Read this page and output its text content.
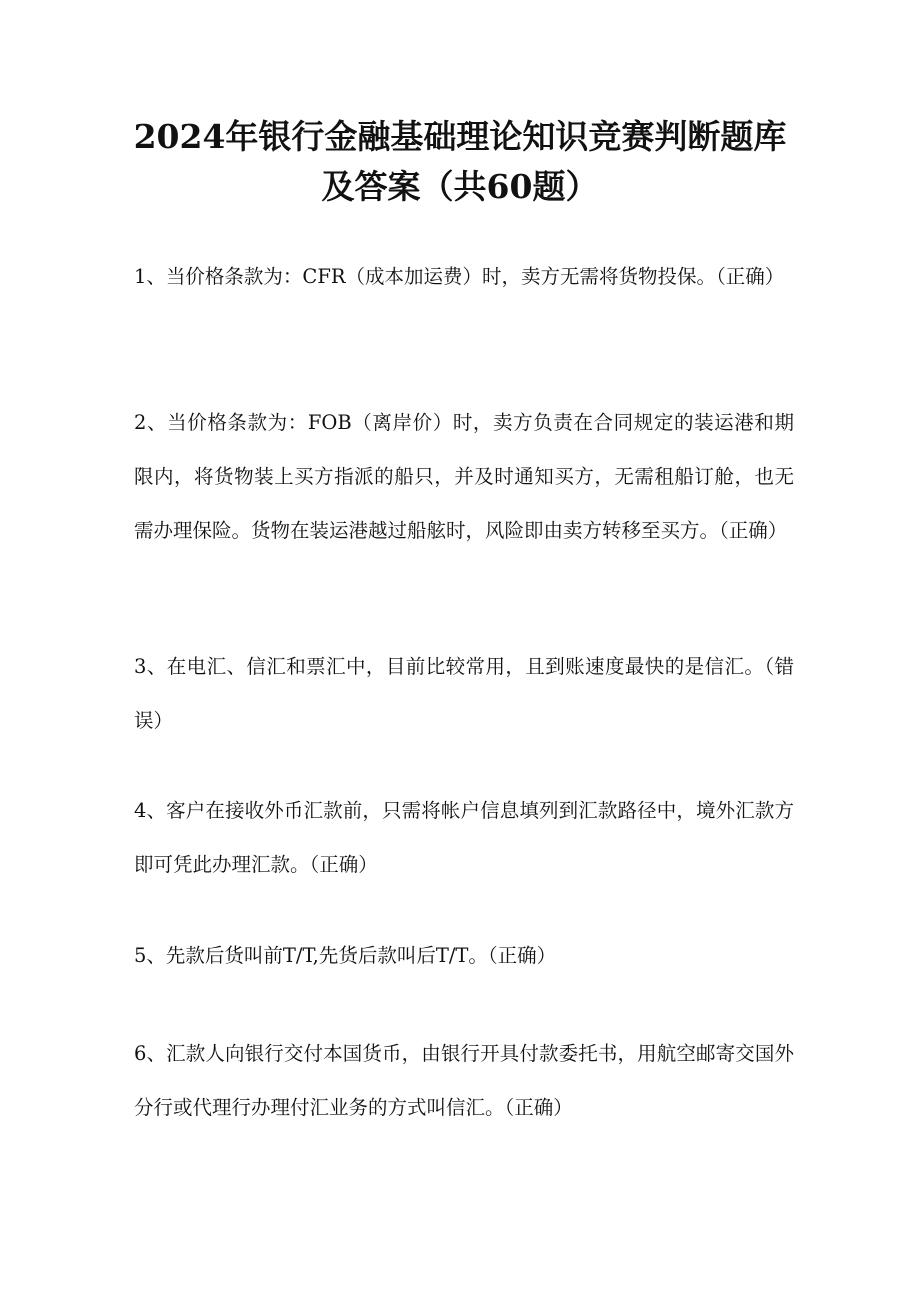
2024年银行金融基础理论知识竞赛判断题库及答案（共60题）

1、当价格条款为：CFR（成本加运费）时，卖方无需将货物投保。（正确）

2、当价格条款为：FOB（离岸价）时，卖方负责在合同规定的装运港和期限内，将货物装上买方指派的船只，并及时通知买方，无需租船订舱，也无需办理保险。货物在装运港越过船舷时，风险即由卖方转移至买方。（正确）

3、在电汇、信汇和票汇中，目前比较常用，且到账速度最快的是信汇。（错误）

4、客户在接收外币汇款前，只需将帐户信息填列到汇款路径中，境外汇款方即可凭此办理汇款。（正确）

5、先款后货叫前T/T,先货后款叫后T/T。（正确）

6、汇款人向银行交付本国货币，由银行开具付款委托书，用航空邮寄交国外分行或代理行办理付汇业务的方式叫信汇。（正确）
